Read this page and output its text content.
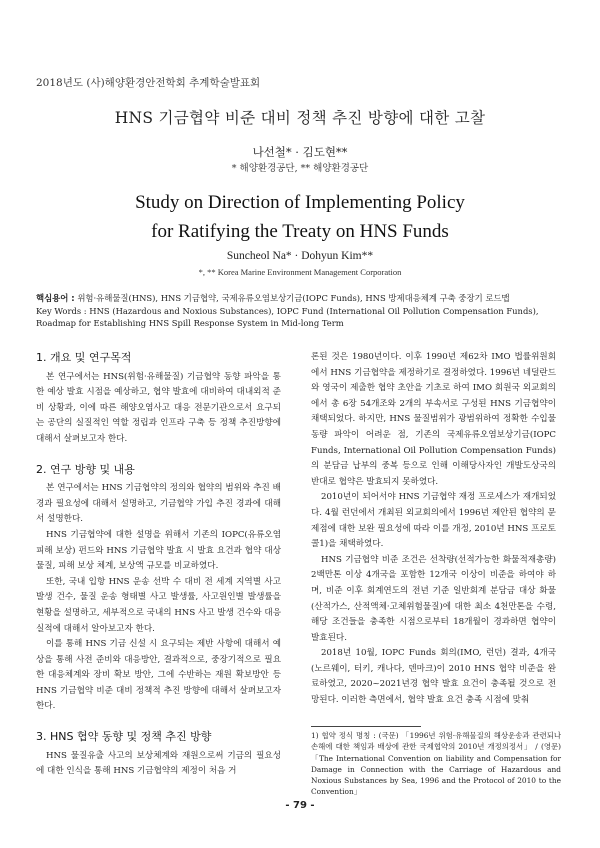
2018년도 (사)해양환경안전학회 추계학술발표회
HNS 기금협약 비준 대비 정책 추진 방향에 대한 고찰
나선철* · 김도현**
* 해양환경공단, ** 해양환경공단
Study on Direction of Implementing Policy
for Ratifying the Treaty on HNS Funds
Suncheol Na* · Dohyun Kim**
*, ** Korea Marine Environment Management Corporation
핵심용어 : 위험·유해물질(HNS), HNS 기금협약, 국제유류오염보상기금(IOPC Funds), HNS 방제대응체계 구축 중장기 로드맵
Key Words : HNS (Hazardous and Noxious Substances), IOPC Fund (International Oil Pollution Compensation Funds), Roadmap for Establishing HNS Spill Response System in Mid-long Term
1. 개요 및 연구목적

본 연구에서는 HNS(위험·유해물질) 기금협약 동향 파악을 통한 예상 발효 시점을 예상하고, 협약 발효에 대비하여 대내외적 준비 상황과, 이에 따른 해양오염사고 대응 전문기관으로서 요구되는 공단의 실질적인 역할 정립과 인프라 구축 등 정책 추진방향에 대해서 살펴보고자 한다.

2. 연구 방향 및 내용

본 연구에서는 HNS 기금협약의 정의와 협약의 범위와 추진 배경과 필요성에 대해서 설명하고, 기금협약 가입 추진 경과에 대해서 설명한다.

HNS 기금협약에 대한 설명을 위해서 기존의 IOPC(유류오염피해 보상) 펀드와 HNS 기금협약 발효 시 발효 요건과 협약 대상 물질, 피해 보상 체계, 보상액 규모를 비교하였다.

또한, 국내 입항 HNS 운송 선박 수 대비 전 세계 지역별 사고 발생 건수, 물질 운송 형태별 사고 발생률, 사고원인별 발생률을 현황을 설명하고, 세부적으로 국내의 HNS 사고 발생 건수와 대응 실적에 대해서 알아보고자 한다.

이를 통해 HNS 기금 신설 시 요구되는 제반 사항에 대해서 예상을 통해 사전 준비와 대응방안, 결과적으로, 중장기적으로 필요한 대응체계와 장비 확보 방안, 그에 수반하는 재원 확보방안 등 HNS 기금협약 비준 대비 정책적 추진 방향에 대해서 살펴보고자 한다.

3. HNS 협약 동향 및 정책 추진 방향

HNS 물질유출 사고의 보상체계와 재원으로써 기금의 필요성에 대한 인식을 통해 HNS 기금협약의 제정이 처음 거

론된 것은 1980년이다. 이후 1990년 제62차 IMO 법률위원회에서 HNS 기금협약을 제정하기로 결정하였다. 1996년 네덜란드와 영국이 제출한 협약 초안을 기초로 하여 IMO 회원국 외교회의에서 총 6장 54개조와 2개의 부속서로 구성된 HNS 기금협약이 채택되었다. 하지만, HNS 물질범위가 광범위하여 정확한 수입물동량 파악이 어려운 점, 기존의 국제유류오염보상기금(IOPC Funds, International Oil Pollution Compensation Funds)의 분담금 납부의 중복 등으로 인해 이해당사자인 개발도상국의 반대로 협약은 발효되지 못하였다.

2010년이 되어서야 HNS 기금협약 재정 프로세스가 재개되었다. 4월 런던에서 개최된 외교회의에서 1996년 제안된 협약의 문제점에 대한 보완 필요성에 따라 이를 개정, 2010년 HNS 프로토콜1)을 채택하였다.

HNS 기금협약 비준 조건은 선착량(선적가능한 화물적재총량) 2백만톤 이상 4개국을 포함한 12개국 이상이 비준을 하여야 하며, 비준 이후 회계연도의 전년 기준 일반회계 분담금 대상 화물(산적가스, 산적액체·고체위험물질)에 대한 최소 4천만톤을 수령, 해당 조건들을 충족한 시점으로부터 18개월이 경과하면 협약이 발효된다.

2018년 10월, IOPC Funds 회의(IMO, 런던) 결과, 4개국(노르웨이, 터키, 캐나다, 덴마크)이 2010 HNS 협약 비준을 완료하였고, 2020~2021년경 협약 발효 요건이 충족될 것으로 전망된다. 이러한 측면에서, 협약 발효 요건 충족 시점에 맞춰

1) 협약 정식 명칭 : (국문) 「1996년 위험·유해물질의 해상운송과 관련되나 손해에 대한 책임과 배상에 관한 국제협약의 2010년 개정의정서」 / (영문) 「The International Convention on liability and Compensation for Damage in Connection with the Carriage of Hazardous and Noxious Substances by Sea, 1996 and the Protocol of 2010 to the Convention」
- 79 -
